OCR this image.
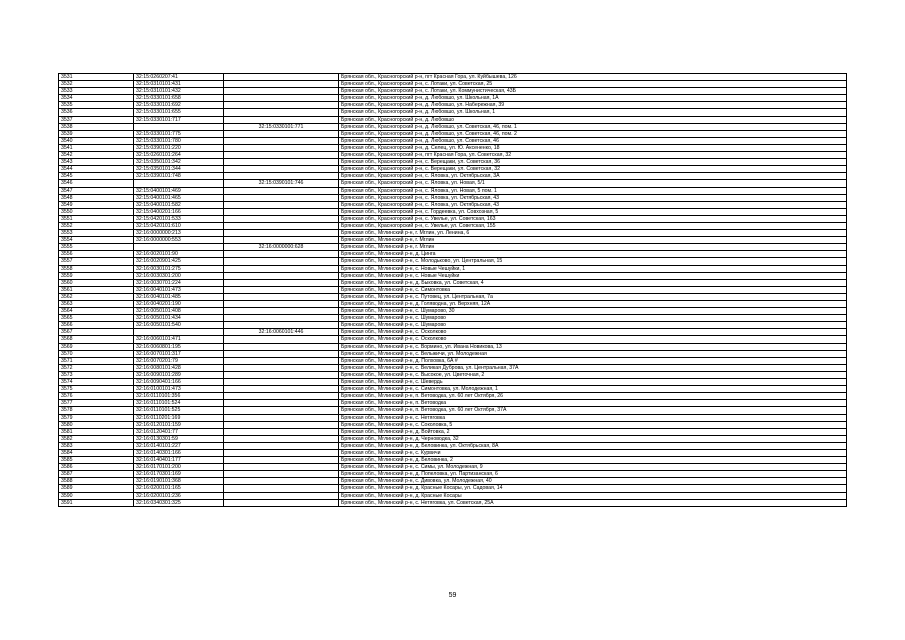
3531	32:15:0260207:41		Брянская обл., Красногорский р-н, пгт Красная Гора, ул. Куйбышева, 126
3532	32:15:0310101:431		Брянская обл., Красногорский р-н, с. Лотаки, ул. Советская, 25
3533	32:15:0310101:432		Брянская обл., Красногорский р-н, с. Лотаки, ул. Коммунистическая, 43Б
3534	32:15:0330101:658		Брянская обл., Красногорский р-н, д. Любовшо, ул. Школьная, 1А
3535	32:15:0330101:692		Брянская обл., Красногорский р-н, д. Любовшо, ул. Набережная, 39
3536	32:15:0330101:655		Брянская обл., Красногорский р-н, д. Любовшо, ул. Школьная, 1
3537	32:15:0330101:717		Брянская обл., Красногорский р-н, д. Любовшо
3538		32:15:0330101:771	Брянская обл., Красногорский р-н, д. Любовшо, ул. Советская, 46, пом. 1
3539	32:15:0330101:775		Брянская обл., Красногорский р-н, д. Любовшо, ул. Советская, 46, пом. 2
3540	32:15:0330101:780		Брянская обл., Красногорский р-н, д. Любовшо, ул. Советская, 46
3541	32:15:0390101:220		Брянская обл., Красногорский р-н, д. Селец, ул. Ю. Аксененко, 18
3542	32:15:0260101:264		Брянская обл., Красногорский р-н, пгт Красная Гора, ул. Советская, 32
3543	32:15:0350101:342		Брянская обл., Красногорский р-н, с. Верещаки, ул. Советская, 36
3544	32:15:0350101:344		Брянская обл., Красногорский р-н, с. Верещаки, ул. Советская, 32
3545	32:15:0390101:748		Брянская обл., Красногорский р-н, с. Яловка, ул. Октябрьская, 3А
3546		32:15:0390101:746	Брянская обл., Красногорский р-н, с. Яловка, ул. Новая, 5/1
3547	32:15:0400101:469		Брянская обл., Красногорский р-н, с. Яловка, ул. Новая, 5 пом. 1
3548	32:15:0400101:465		Брянская обл., Красногорский р-н, с. Яловка, ул. Октябрьская, 43
3549	32:15:0400101:582		Брянская обл., Красногорский р-н, с. Яловка, ул. Октябрьская, 43
3550	32:15:0400201:166		Брянская обл., Красногорский р-н, с. Гордеевка, ул. Совхозная, 5
3551	32:15:0420101:533		Брянская обл., Красногорский р-н, с. Увелье, ул. Советская, 163
3552	32:15:0420101:610		Брянская обл., Красногорский р-н, с. Увелье, ул. Советская, 155
3553	32:16:0000000:213		Брянская обл., Мглинский р-н, г. Мглин, ул. Ленина, 6
3554	32:16:0000000:553		Брянская обл., Мглинский р-н, г. Мглин
3555		32:16:0000000:628	Брянская обл., Мглинский р-н, г. Мглин
3556	32:16:0020101:90		Брянская обл., Мглинский р-н, д. Цинга
3557	32:16:0020901:425		Брянская обл., Мглинский р-н, с. Молодьково, ул. Центральная, 15
3558	32:16:0030101:275		Брянская обл., Мглинский р-н, с. Новые Чешуйки, 1
3559	32:16:0030301:200		Брянская обл., Мглинский р-н, с. Новые Чешуйки
3560	32:16:0030701:224		Брянская обл., Мглинский р-н, д. Быковка, ул. Советская, 4
3561	32:16:0040101:473		Брянская обл., Мглинский р-н, с. Симонтовка
3562	32:16:0040101:485		Брянская обл., Мглинский р-н, с. Путовец, ул. Центральная, 7а
3563	32:16:0040201:190		Брянская обл., Мглинский р-н, д. Голяводна, ул. Верхняя, 12А
3564	32:16:0050101:408		Брянская обл., Мглинский р-н, с. Шумарово, 30
3565	32:16:0050101:434		Брянская обл., Мглинский р-н, с. Шумарово
3566	32:16:0050101:540		Брянская обл., Мглинский р-н, с. Шумарово
3567		32:16:0060101:446	Брянская обл., Мглинский р-н, с. Осколково
3568	32:16:0060101:471		Брянская обл., Мглинский р-н, с. Осколково
3569	32:16:0060801:195		Брянская обл., Мглинский р-н, с. Вормино, ул. Ивана Новикова, 13
3570	32:16:0070101:317		Брянская обл., Мглинский р-н, с. Вельжичи, ул. Молодежная
3571	32:16:0070201:79		Брянская обл., Мглинский р-н, д. Полховка, 6А #
3572	32:16:0080101:428		Брянская обл., Мглинский р-н, с. Великая Дуброва, ул. Центральная, 37А
3573	32:16:0090101:289		Брянская обл., Мглинский р-н, с. Высокое, ул. Цветочная, 2
3574	32:16:0090401:166		Брянская обл., Мглинский р-н, с. Шевердь
3575	32:16:0100101:473		Брянская обл., Мглинский р-н, с. Симонтовка, ул. Молодежная, 1
3576	32:16:0110101:356		Брянская обл., Мглинский р-н, п. Ветоводка, ул. 60 лет Октября, 26
3577	32:16:0110101:524		Брянская обл., Мглинский р-н, п. Ветоводка
3578	32:16:0110101:525		Брянская обл., Мглинский р-н, п. Ветоводка, ул. 60 лет Октября, 37А
3579	32:16:0110201:169		Брянская обл., Мглинский р-н, с. Нетяговка
3580	32:16:0120101:159		Брянская обл., Мглинский р-н, с. Соколовка, 5
3581	32:16:0120401:77		Брянская обл., Мглинский р-н, д. Войтовка, 2
3582	32:16:0130301:59		Брянская обл., Мглинский р-н, д. Черноводка, 32
3583	32:16:0140101:227		Брянская обл., Мглинский р-н, д. Беловинка, ул. Октябрьская, 8А
3584	32:16:0140301:166		Брянская обл., Мглинский р-н, с. Курвичи
3585	32:16:0140401:177		Брянская обл., Мглинский р-н, д. Беловинка, 2
3586	32:16:0170101:200		Брянская обл., Мглинский р-н, с. Симы, ул. Молодежная, 9
3587	32:16:0170301:169		Брянская обл., Мглинский р-н, д. Попеловка, ул. Партизанская, 6
3588	32:16:0190101:368		Брянская обл., Мглинский р-н, с. Дивовка, ул. Молодежная, 40
3589	32:16:0200101:165		Брянская обл., Мглинский р-н, д. Красные Косары, ул. Садовая, 14
3590	32:16:0200101:236		Брянская обл., Мглинский р-н, д. Красные Косары
3591	32:16:0340301:325		Брянская обл., Мглинский р-н, с. Нетяговка, ул. Советская, 25А
59
